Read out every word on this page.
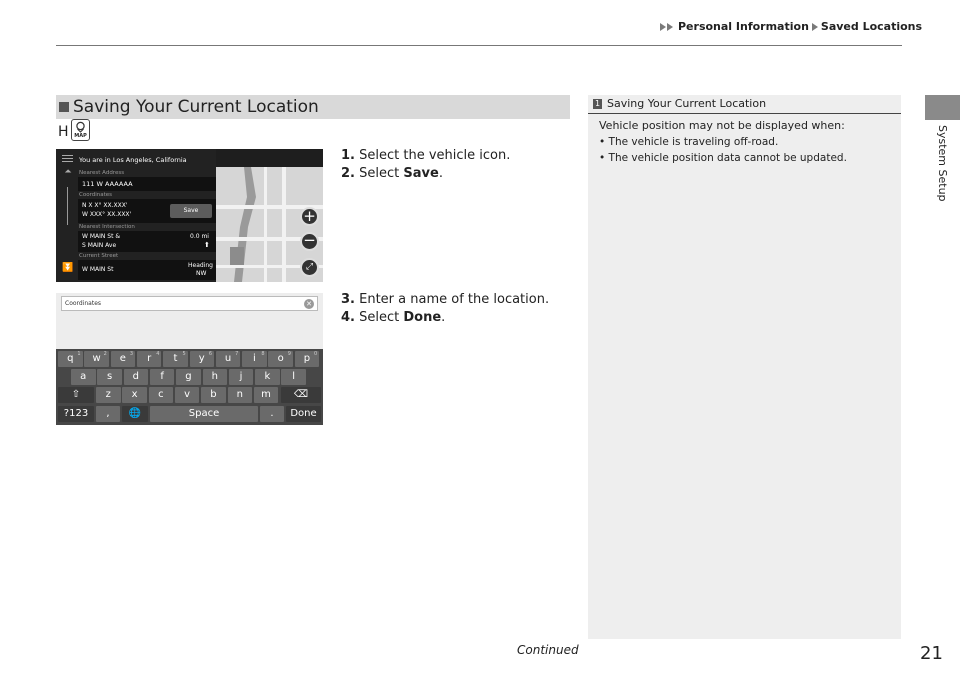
Personal Information Saved Locations
System Setup
Saving Your Current Location
H	MAP
You are in Los Angeles, California
Nearest Address
111 W AAAAAA
Coordinates
N X X° XX.XXX'
W XXX° XX.XXX'
Save
Nearest Intersection
W MAIN St &
S MAIN Ave
0.0 mi
⬆
Current Street
W MAIN St
Heading
NW
⏶
⏬
+
−
⤢
1. Select the vehicle icon.
2. Select Save.
3. Enter a name of the location.
4. Select Done.
Coordinates	✕
q 1	w 2	e 3	r 4	t 5	y 6	u 7	i 8	o 9	p 0
a	s	d	f	g	h	j	k	l
⇧	z	x	c	v	b	n	m	⌫
?123	,	🌐	Space	.	Done
1 Saving Your Current Location
Vehicle position may not be displayed when:
• The vehicle is traveling off-road.
• The vehicle position data cannot be updated.
Continued	21
